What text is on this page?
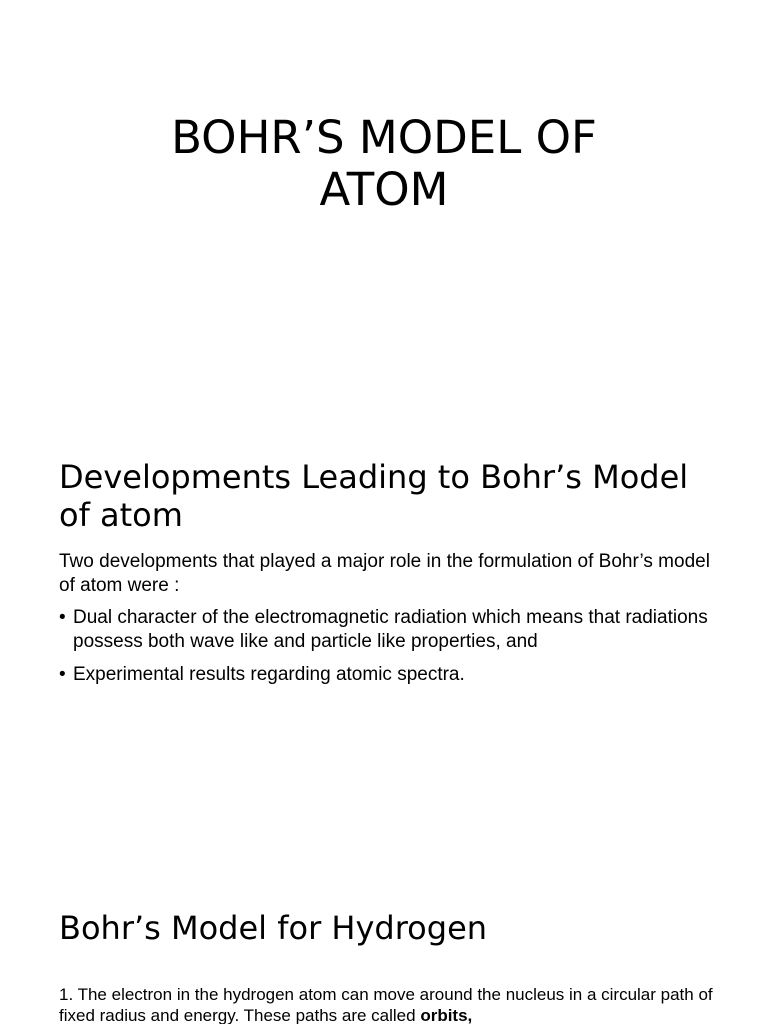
BOHR’S MODEL OF
ATOM
Developments Leading to Bohr’s Model of atom

Two developments that played a major role in the formulation of Bohr’s model of atom were :

• Dual character of the electromagnetic radiation which means that radiations possess both wave like and particle like properties, and
• Experimental results regarding atomic spectra.
Bohr’s Model for Hydrogen

1. The electron in the hydrogen atom can move around the nucleus in a circular path of fixed radius and energy. These paths are called orbits,
